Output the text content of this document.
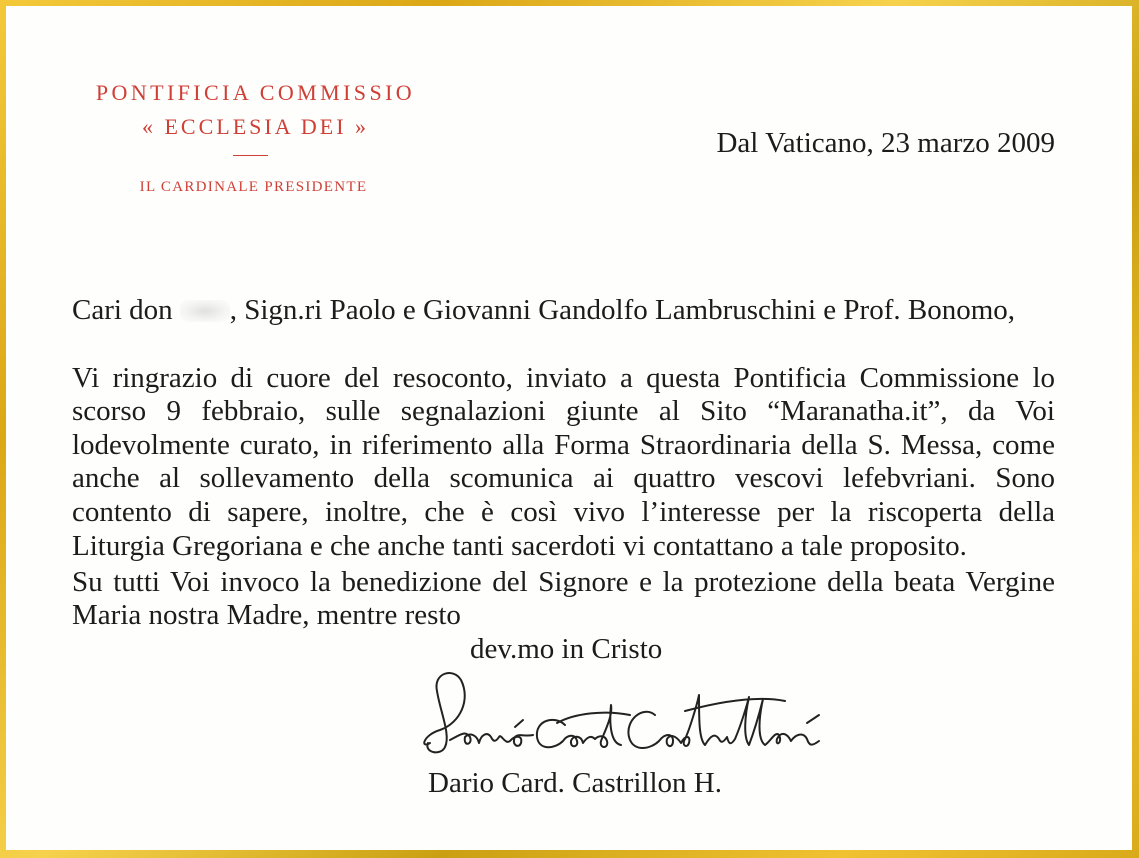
PONTIFICIA COMMISSIO
« ECCLESIA DEI »
IL CARDINALE PRESIDENTE
Dal Vaticano, 23 marzo 2009
Cari don , Sign.ri Paolo e Giovanni Gandolfo Lambruschini e Prof. Bonomo,
Vi ringrazio di cuore del resoconto, inviato a questa Pontificia Commissione lo
scorso 9 febbraio, sulle segnalazioni giunte al Sito “Maranatha.it”, da Voi
lodevolmente curato, in riferimento alla Forma Straordinaria della S. Messa, come
anche al sollevamento della scomunica ai quattro vescovi lefebvriani. Sono
contento di sapere, inoltre, che è così vivo l’interesse per la riscoperta della
Liturgia Gregoriana e che anche tanti sacerdoti vi contattano a tale proposito.
Su tutti Voi invoco la benedizione del Signore e la protezione della beata Vergine
Maria nostra Madre, mentre resto
dev.mo in Cristo
Dario Card. Castrillon H.
